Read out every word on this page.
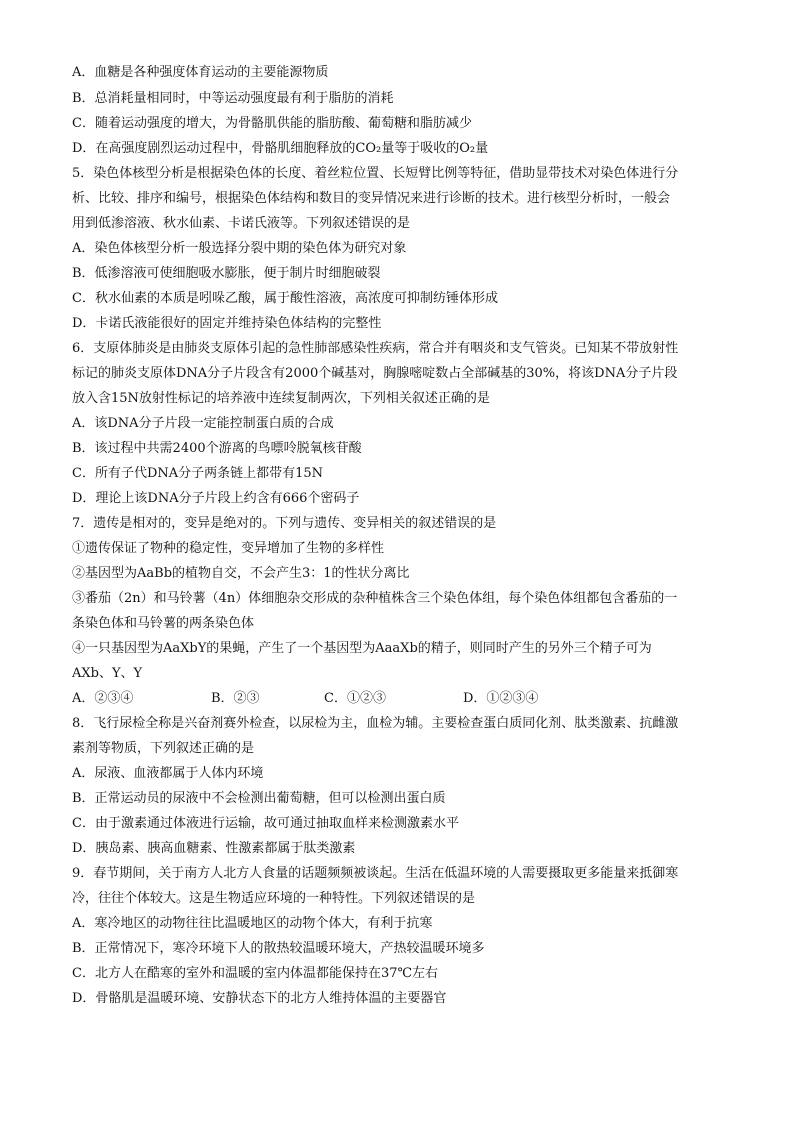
A．血糖是各种强度体育运动的主要能源物质
B．总消耗量相同时，中等运动强度最有利于脂肪的消耗
C．随着运动强度的增大，为骨骼肌供能的脂肪酸、葡萄糖和脂肪减少
D．在高强度剧烈运动过程中，骨骼肌细胞释放的CO₂量等于吸收的O₂量
5．染色体核型分析是根据染色体的长度、着丝粒位置、长短臂比例等特征，借助显带技术对染色体进行分
析、比较、排序和编号，根据染色体结构和数目的变异情况来进行诊断的技术。进行核型分析时，一般会
用到低渗溶液、秋水仙素、卡诺氏液等。下列叙述错误的是
A．染色体核型分析一般选择分裂中期的染色体为研究对象
B．低渗溶液可使细胞吸水膨胀，便于制片时细胞破裂
C．秋水仙素的本质是吲哚乙酸，属于酸性溶液，高浓度可抑制纺锤体形成
D．卡诺氏液能很好的固定并维持染色体结构的完整性
6．支原体肺炎是由肺炎支原体引起的急性肺部感染性疾病，常合并有咽炎和支气管炎。已知某不带放射性
标记的肺炎支原体DNA分子片段含有2000个碱基对，胸腺嘧啶数占全部碱基的30%，将该DNA分子片段
放入含15N放射性标记的培养液中连续复制两次，下列相关叙述正确的是
A．该DNA分子片段一定能控制蛋白质的合成
B．该过程中共需2400个游离的鸟嘌呤脱氧核苷酸
C．所有子代DNA分子两条链上都带有15N
D．理论上该DNA分子片段上约含有666个密码子
7．遗传是相对的，变异是绝对的。下列与遗传、变异相关的叙述错误的是
①遗传保证了物种的稳定性，变异增加了生物的多样性
②基因型为AaBb的植物自交，不会产生3：1的性状分离比
③番茄（2n）和马铃薯（4n）体细胞杂交形成的杂种植株含三个染色体组，每个染色体组都包含番茄的一
条染色体和马铃薯的两条染色体
④一只基因型为AaXbY的果蝇，产生了一个基因型为AaaXb的精子，则同时产生的另外三个精子可为
AXb、Y、Y
A．②③④	B．②③	C．①②③	D．①②③④
8．飞行尿检全称是兴奋剂赛外检查，以尿检为主，血检为辅。主要检查蛋白质同化剂、肽类激素、抗雌激
素剂等物质，下列叙述正确的是
A．尿液、血液都属于人体内环境
B．正常运动员的尿液中不会检测出葡萄糖，但可以检测出蛋白质
C．由于激素通过体液进行运输，故可通过抽取血样来检测激素水平
D．胰岛素、胰高血糖素、性激素都属于肽类激素
9．春节期间，关于南方人北方人食量的话题频频被谈起。生活在低温环境的人需要摄取更多能量来抵御寒
冷，往往个体较大。这是生物适应环境的一种特性。下列叙述错误的是
A．寒冷地区的动物往往比温暖地区的动物个体大，有利于抗寒
B．正常情况下，寒冷环境下人的散热较温暖环境大，产热较温暖环境多
C．北方人在酷寒的室外和温暖的室内体温都能保持在37℃左右
D．骨骼肌是温暖环境、安静状态下的北方人维持体温的主要器官
